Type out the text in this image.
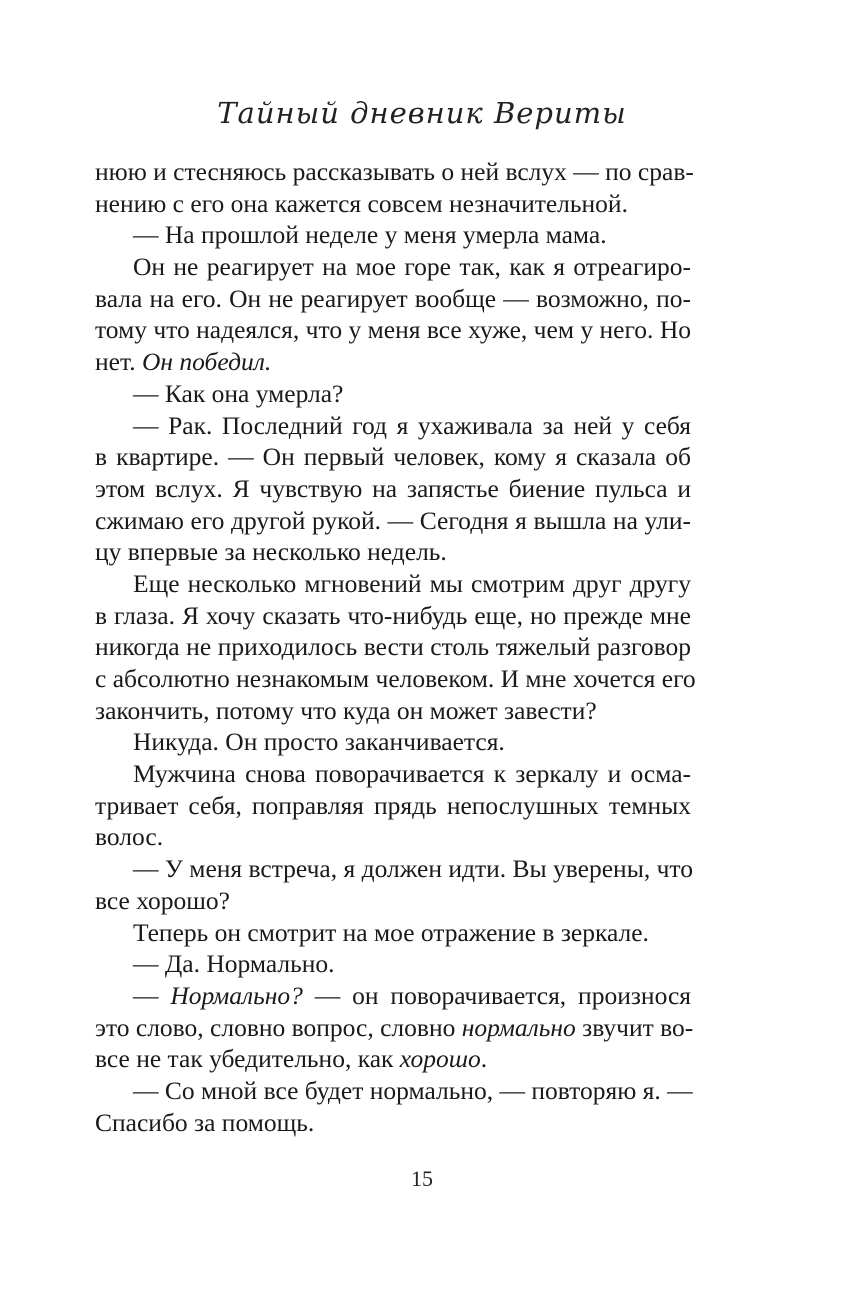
Тайный дневник Вериты
нюю и стесняюсь рассказывать о ней вслух — по срав-
нению с его она кажется совсем незначительной.
— На прошлой неделе у меня умерла мама.
Он не реагирует на мое горе так, как я отреагиро-
вала на его. Он не реагирует вообще — возможно, по-
тому что надеялся, что у меня все хуже, чем у него. Но
нет. Он победил.
— Как она умерла?
— Рак. Последний год я ухаживала за ней у себя
в квартире. — Он первый человек, кому я сказала об
этом вслух. Я чувствую на запястье биение пульса и
сжимаю его другой рукой. — Сегодня я вышла на ули-
цу впервые за несколько недель.
Еще несколько мгновений мы смотрим друг другу
в глаза. Я хочу сказать что-нибудь еще, но прежде мне
никогда не приходилось вести столь тяжелый разговор
с абсолютно незнакомым человеком. И мне хочется его
закончить, потому что куда он может завести?
Никуда. Он просто заканчивается.
Мужчина снова поворачивается к зеркалу и осма-
тривает себя, поправляя прядь непослушных темных
волос.
— У меня встреча, я должен идти. Вы уверены, что
все хорошо?
Теперь он смотрит на мое отражение в зеркале.
— Да. Нормально.
— Нормально? — он поворачивается, произнося
это слово, словно вопрос, словно нормально звучит во-
все не так убедительно, как хорошо.
— Со мной все будет нормально, — повторяю я. —
Спасибо за помощь.
15
